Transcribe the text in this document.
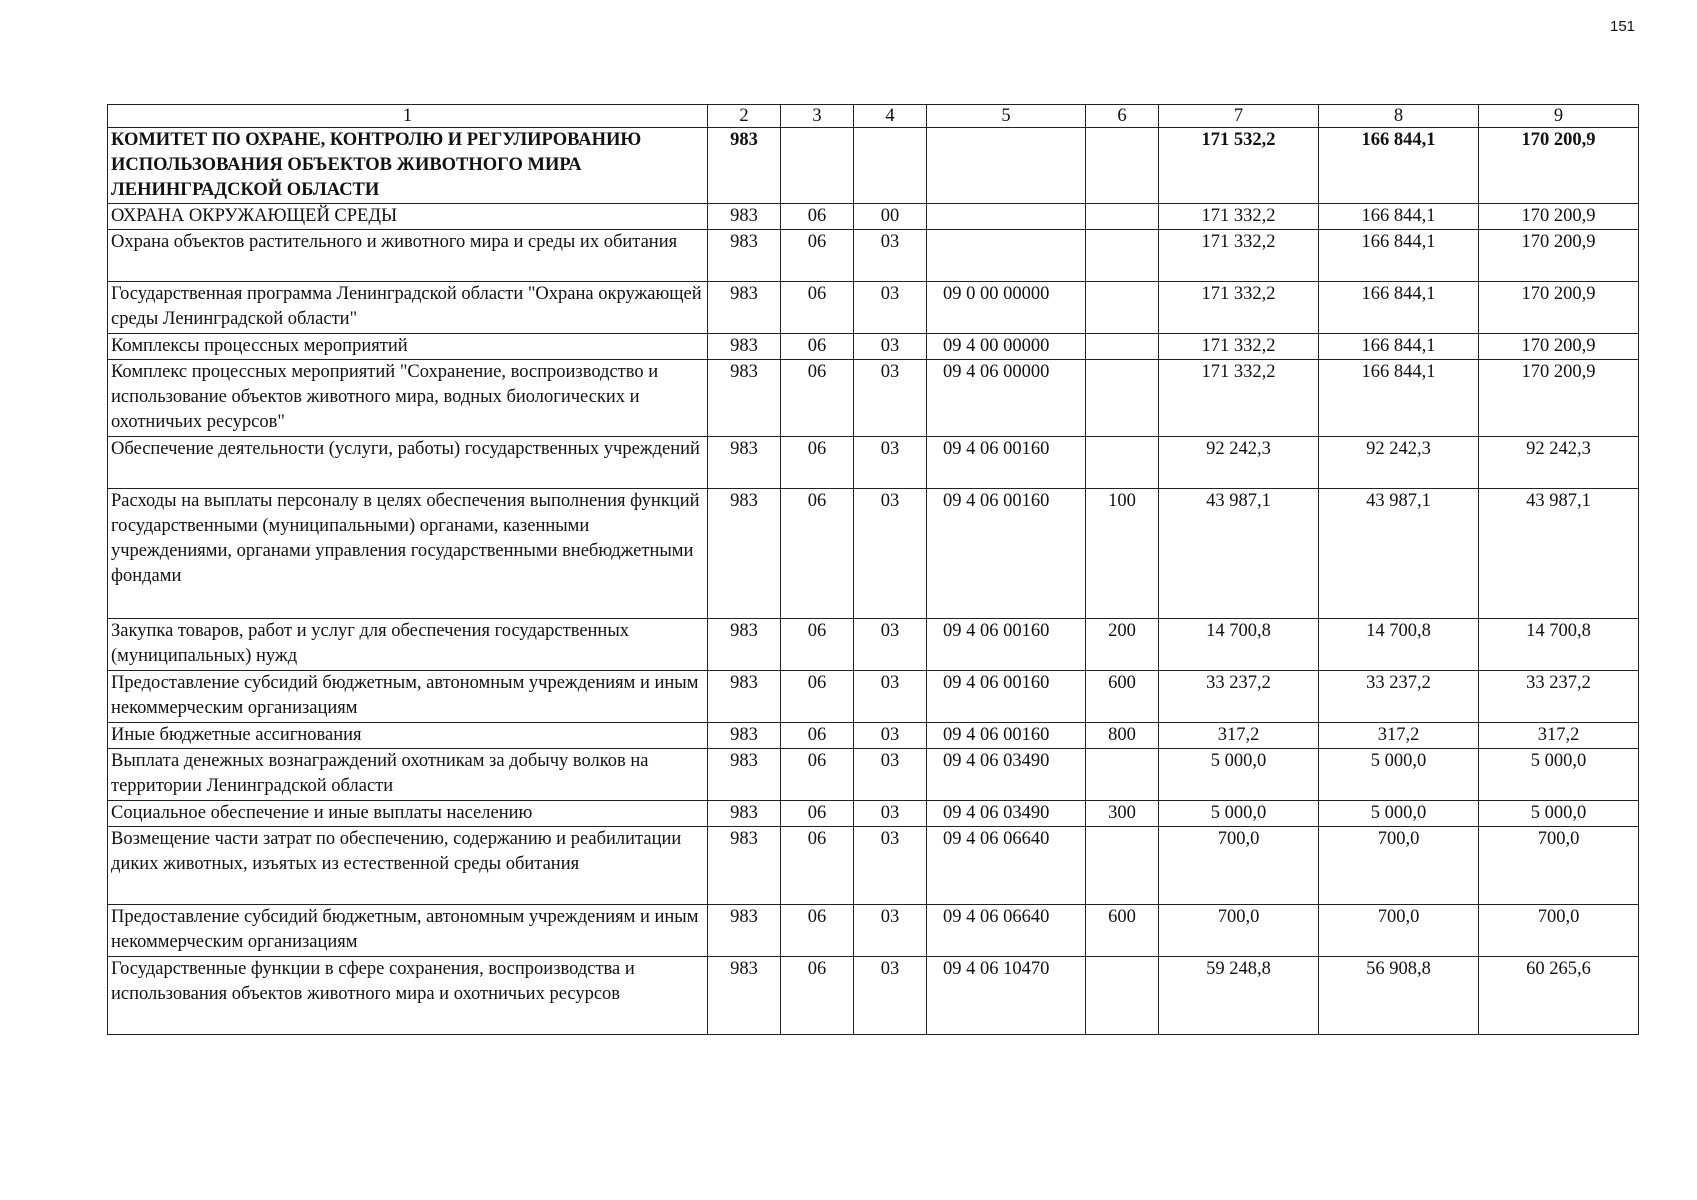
151
1	2	3	4	5	6	7	8	9
КОМИТЕТ ПО ОХРАНЕ, КОНТРОЛЮ И РЕГУЛИРОВАНИЮ ИСПОЛЬЗОВАНИЯ ОБЪЕКТОВ ЖИВОТНОГО МИРА ЛЕНИНГРАДСКОЙ ОБЛАСТИ	983					171 532,2	166 844,1	170 200,9
ОХРАНА ОКРУЖАЮЩЕЙ СРЕДЫ	983	06	00			171 332,2	166 844,1	170 200,9
Охрана объектов растительного и животного мира и среды их обитания	983	06	03			171 332,2	166 844,1	170 200,9
Государственная программа Ленинградской области "Охрана окружающей среды Ленинградской области"	983	06	03	09 0 00 00000		171 332,2	166 844,1	170 200,9
Комплексы процессных мероприятий	983	06	03	09 4 00 00000		171 332,2	166 844,1	170 200,9
Комплекс процессных мероприятий "Сохранение, воспроизводство и использование объектов животного мира, водных биологических и охотничьих ресурсов"	983	06	03	09 4 06 00000		171 332,2	166 844,1	170 200,9
Обеспечение деятельности (услуги, работы) государственных учреждений	983	06	03	09 4 06 00160		92 242,3	92 242,3	92 242,3
Расходы на выплаты персоналу в целях обеспечения выполнения функций государственными (муниципальными) органами, казенными учреждениями, органами управления государственными внебюджетными фондами	983	06	03	09 4 06 00160	100	43 987,1	43 987,1	43 987,1
Закупка товаров, работ и услуг для обеспечения государственных (муниципальных) нужд	983	06	03	09 4 06 00160	200	14 700,8	14 700,8	14 700,8
Предоставление субсидий бюджетным, автономным учреждениям и иным некоммерческим организациям	983	06	03	09 4 06 00160	600	33 237,2	33 237,2	33 237,2
Иные бюджетные ассигнования	983	06	03	09 4 06 00160	800	317,2	317,2	317,2
Выплата денежных вознаграждений охотникам за добычу волков на территории Ленинградской области	983	06	03	09 4 06 03490		5 000,0	5 000,0	5 000,0
Социальное обеспечение и иные выплаты населению	983	06	03	09 4 06 03490	300	5 000,0	5 000,0	5 000,0
Возмещение части затрат по обеспечению, содержанию и реабилитации диких животных, изъятых из естественной среды обитания	983	06	03	09 4 06 06640		700,0	700,0	700,0
Предоставление субсидий бюджетным, автономным учреждениям и иным некоммерческим организациям	983	06	03	09 4 06 06640	600	700,0	700,0	700,0
Государственные функции в сфере сохранения, воспроизводства и использования объектов животного мира и охотничьих ресурсов	983	06	03	09 4 06 10470		59 248,8	56 908,8	60 265,6
